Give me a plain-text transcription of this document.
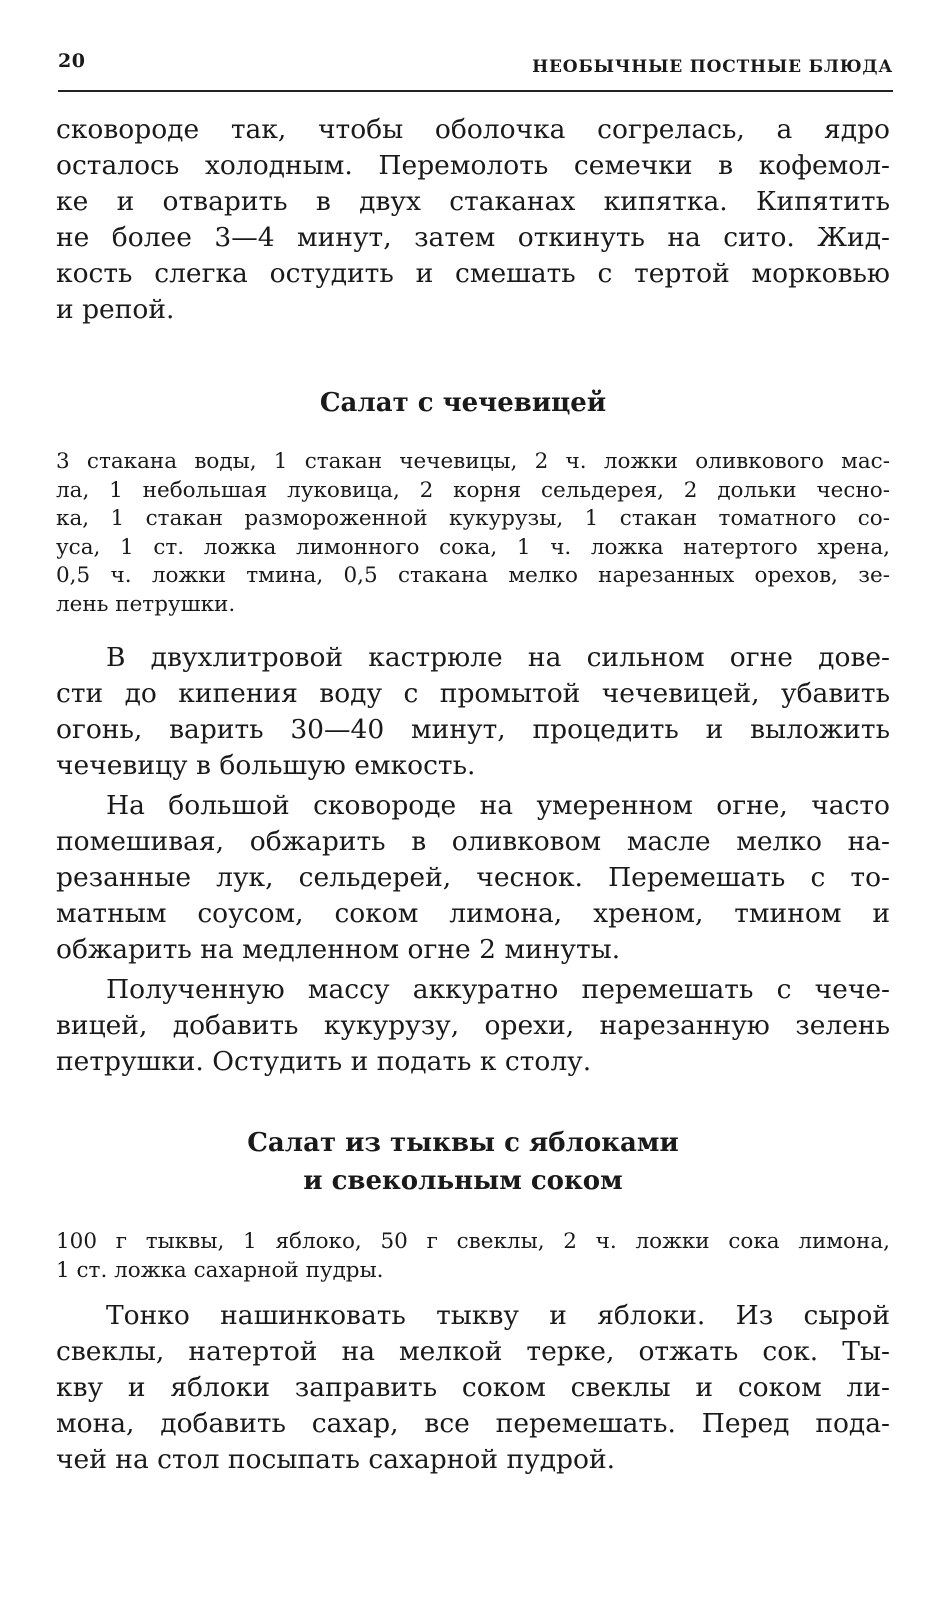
20	НЕОБЫЧНЫЕ ПОСТНЫЕ БЛЮДА
сковороде так, чтобы оболочка согрелась, а ядро
осталось холодным. Перемолоть семечки в кофемол-
ке и отварить в двух стаканах кипятка. Кипятить
не более 3—4 минут, затем откинуть на сито. Жид-
кость слегка остудить и смешать с тертой морковью
и репой.
Салат с чечевицей
3 стакана воды, 1 стакан чечевицы, 2 ч. ложки оливкового мас-
ла, 1 небольшая луковица, 2 корня сельдерея, 2 дольки чесно-
ка, 1 стакан размороженной кукурузы, 1 стакан томатного со-
уса, 1 ст. ложка лимонного сока, 1 ч. ложка натертого хрена,
0,5 ч. ложки тмина, 0,5 стакана мелко нарезанных орехов, зе-
лень петрушки.
В двухлитровой кастрюле на сильном огне дове-
сти до кипения воду с промытой чечевицей, убавить
огонь, варить 30—40 минут, процедить и выложить
чечевицу в большую емкость.
На большой сковороде на умеренном огне, часто
помешивая, обжарить в оливковом масле мелко на-
резанные лук, сельдерей, чеснок. Перемешать с то-
матным соусом, соком лимона, хреном, тмином и
обжарить на медленном огне 2 минуты.
Полученную массу аккуратно перемешать с чече-
вицей, добавить кукурузу, орехи, нарезанную зелень
петрушки. Остудить и подать к столу.
Салат из тыквы с яблоками
и свекольным соком
100 г тыквы, 1 яблоко, 50 г свеклы, 2 ч. ложки сока лимона,
1 ст. ложка сахарной пудры.
Тонко нашинковать тыкву и яблоки. Из сырой
свеклы, натертой на мелкой терке, отжать сок. Ты-
кву и яблоки заправить соком свеклы и соком ли-
мона, добавить сахар, все перемешать. Перед пода-
чей на стол посыпать сахарной пудрой.
